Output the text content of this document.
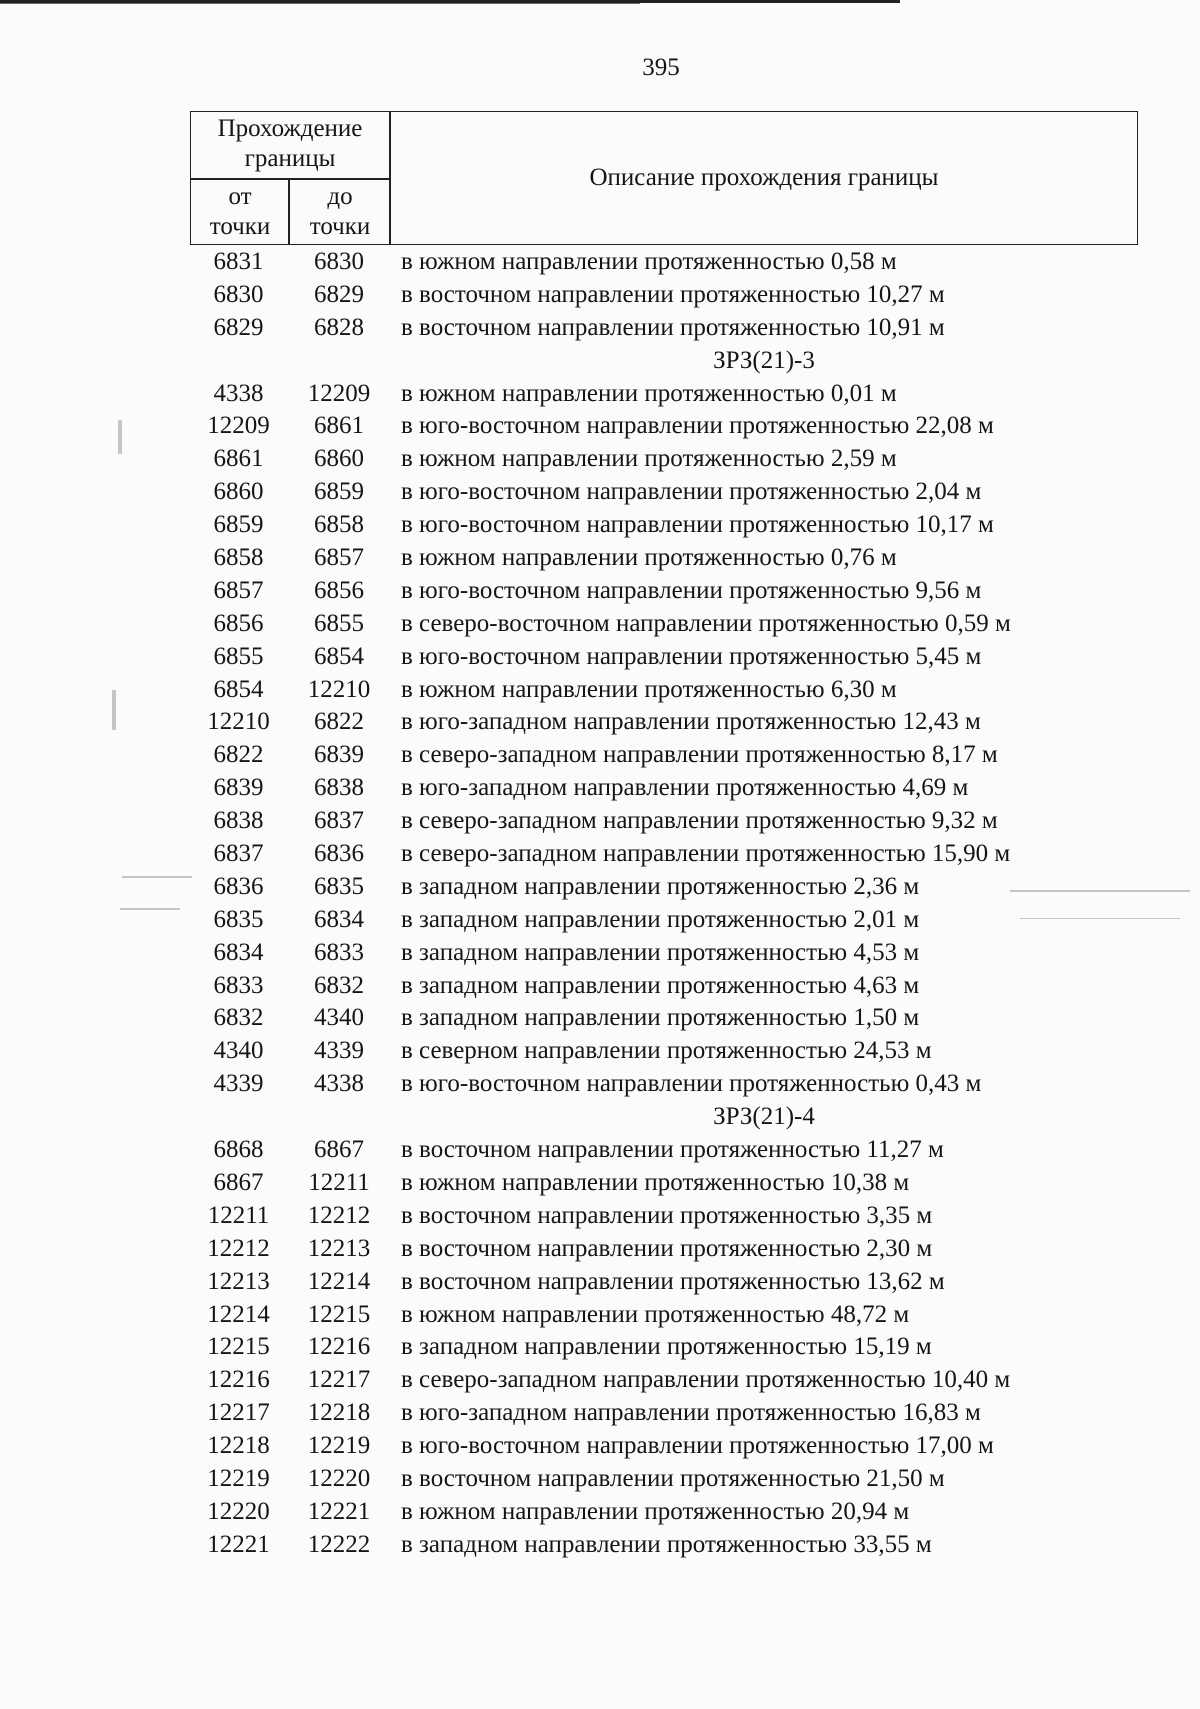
395
Прохождение границы
от точки
до точки
Описание прохождения границы
6831	6830	в южном направлении протяженностью 0,58 м
6830	6829	в восточном направлении протяженностью 10,27 м
6829	6828	в восточном направлении протяженностью 10,91 м
ЗРЗ(21)-3
4338	12209	в южном направлении протяженностью 0,01 м
12209	6861	в юго-восточном направлении протяженностью 22,08 м
6861	6860	в южном направлении протяженностью 2,59 м
6860	6859	в юго-восточном направлении протяженностью 2,04 м
6859	6858	в юго-восточном направлении протяженностью 10,17 м
6858	6857	в южном направлении протяженностью 0,76 м
6857	6856	в юго-восточном направлении протяженностью 9,56 м
6856	6855	в северо-восточном направлении протяженностью 0,59 м
6855	6854	в юго-восточном направлении протяженностью 5,45 м
6854	12210	в южном направлении протяженностью 6,30 м
12210	6822	в юго-западном направлении протяженностью 12,43 м
6822	6839	в северо-западном направлении протяженностью 8,17 м
6839	6838	в юго-западном направлении протяженностью 4,69 м
6838	6837	в северо-западном направлении протяженностью 9,32 м
6837	6836	в северо-западном направлении протяженностью 15,90 м
6836	6835	в западном направлении протяженностью 2,36 м
6835	6834	в западном направлении протяженностью 2,01 м
6834	6833	в западном направлении протяженностью 4,53 м
6833	6832	в западном направлении протяженностью 4,63 м
6832	4340	в западном направлении протяженностью 1,50 м
4340	4339	в северном направлении протяженностью 24,53 м
4339	4338	в юго-восточном направлении протяженностью 0,43 м
ЗРЗ(21)-4
6868	6867	в восточном направлении протяженностью 11,27 м
6867	12211	в южном направлении протяженностью 10,38 м
12211	12212	в восточном направлении протяженностью 3,35 м
12212	12213	в восточном направлении протяженностью 2,30 м
12213	12214	в восточном направлении протяженностью 13,62 м
12214	12215	в южном направлении протяженностью 48,72 м
12215	12216	в западном направлении протяженностью 15,19 м
12216	12217	в северо-западном направлении протяженностью 10,40 м
12217	12218	в юго-западном направлении протяженностью 16,83 м
12218	12219	в юго-восточном направлении протяженностью 17,00 м
12219	12220	в восточном направлении протяженностью 21,50 м
12220	12221	в южном направлении протяженностью 20,94 м
12221	12222	в западном направлении протяженностью 33,55 м
